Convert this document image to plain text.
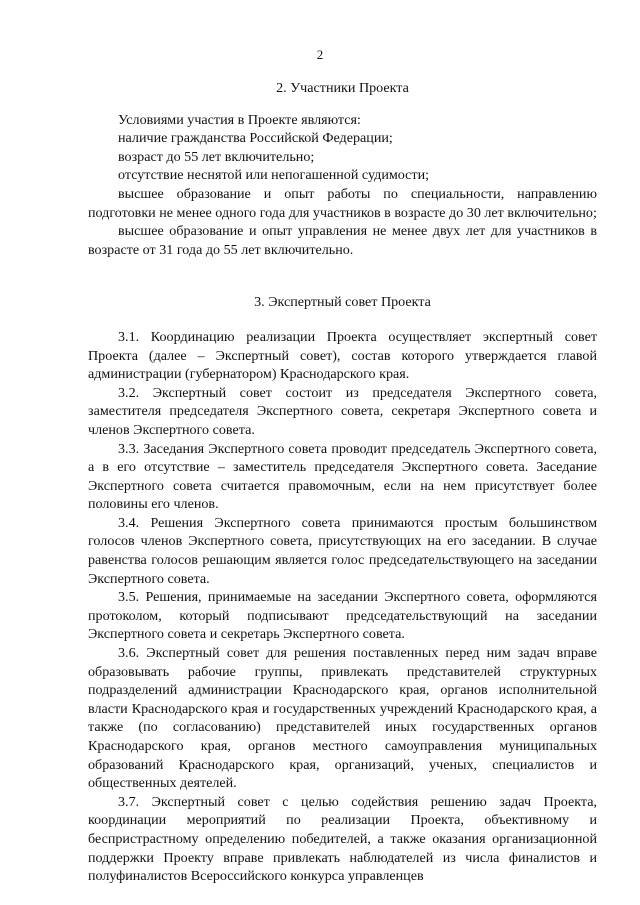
2
2. Участники Проекта

Условиями участия в Проекте являются:

наличие гражданства Российской Федерации;

возраст до 55 лет включительно;

отсутствие неснятой или непогашенной судимости;

высшее образование и опыт работы по специальности, направлению подготовки не менее одного года для участников в возрасте до 30 лет включительно;

высшее образование и опыт управления не менее двух лет для участников в возрасте от 31 года до 55 лет включительно.

3. Экспертный совет Проекта

3.1. Координацию реализации Проекта осуществляет экспертный совет Проекта (далее – Экспертный совет), состав которого утверждается главой администрации (губернатором) Краснодарского края.

3.2. Экспертный совет состоит из председателя Экспертного совета, заместителя председателя Экспертного совета, секретаря Экспертного совета и членов Экспертного совета.

3.3. Заседания Экспертного совета проводит председатель Экспертного совета, а в его отсутствие – заместитель председателя Экспертного совета. Заседание Экспертного совета считается правомочным, если на нем присутствует более половины его членов.

3.4. Решения Экспертного совета принимаются простым большинством голосов членов Экспертного совета, присутствующих на его заседании. В случае равенства голосов решающим является голос председательствующего на заседании Экспертного совета.

3.5. Решения, принимаемые на заседании Экспертного совета, оформляются протоколом, который подписывают председательствующий на заседании Экспертного совета и секретарь Экспертного совета.

3.6. Экспертный совет для решения поставленных перед ним задач вправе образовывать рабочие группы, привлекать представителей структурных подразделений администрации Краснодарского края, органов исполнительной власти Краснодарского края и государственных учреждений Краснодарского края, а также (по согласованию) представителей иных государственных органов Краснодарского края, органов местного самоуправления муниципальных образований Краснодарского края, организаций, ученых, специалистов и общественных деятелей.

3.7. Экспертный совет с целью содействия решению задач Проекта, координации мероприятий по реализации Проекта, объективному и беспристрастному определению победителей, а также оказания организационной поддержки Проекту вправе привлекать наблюдателей из числа финалистов и полуфиналистов Всероссийского конкурса управленцев
